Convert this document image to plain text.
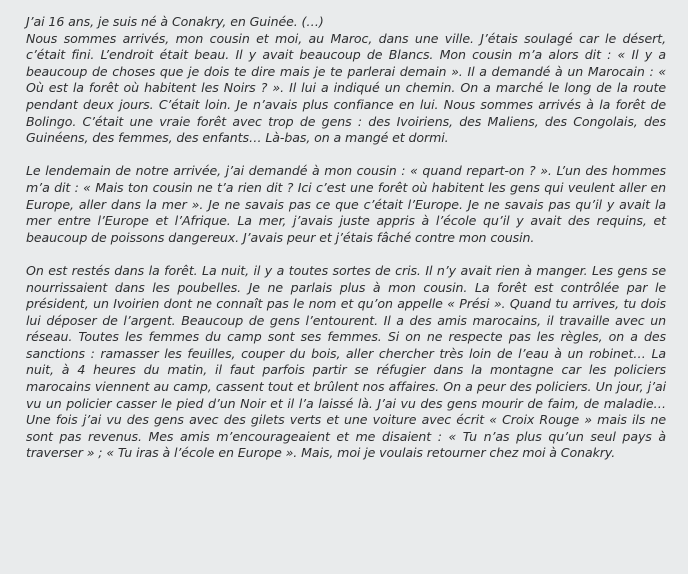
J’ai 16 ans, je suis né à Conakry, en Guinée. (…)
Nous sommes arrivés, mon cousin et moi, au Maroc, dans une ville. J’étais soulagé car le désert, c’était fini. L’endroit était beau. Il y avait beaucoup de Blancs. Mon cousin m’a alors dit : « Il y a beaucoup de choses que je dois te dire mais je te parlerai demain ». Il a demandé à un Marocain : « Où est la forêt où habitent les Noirs ? ». Il lui a indiqué un chemin. On a marché le long de la route pendant deux jours. C’était loin. Je n’avais plus confiance en lui. Nous sommes arrivés à la forêt de Bolingo. C’était une vraie forêt avec trop de gens : des Ivoiriens, des Maliens, des Congolais, des Guinéens, des femmes, des enfants… Là-bas, on a mangé et dormi.

Le lendemain de notre arrivée, j’ai demandé à mon cousin : « quand repart-on ? ». L’un des hommes m’a dit : « Mais ton cousin ne t’a rien dit ? Ici c’est une forêt où habitent les gens qui veulent aller en Europe, aller dans la mer ». Je ne savais pas ce que c’était l’Europe. Je ne savais pas qu’il y avait la mer entre l’Europe et l’Afrique. La mer, j’avais juste appris à l’école qu’il y avait des requins, et beaucoup de poissons dangereux. J’avais peur et j’étais fâché contre mon cousin.

On est restés dans la forêt. La nuit, il y a toutes sortes de cris. Il n’y avait rien à manger. Les gens se nourrissaient dans les poubelles. Je ne parlais plus à mon cousin. La forêt est contrôlée par le président, un Ivoirien dont ne connaît pas le nom et qu’on appelle « Prési ». Quand tu arrives, tu dois lui déposer de l’argent. Beaucoup de gens l’entourent. Il a des amis marocains, il travaille avec un réseau. Toutes les femmes du camp sont ses femmes. Si on ne respecte pas les règles, on a des sanctions : ramasser les feuilles, couper du bois, aller chercher très loin de l’eau à un robinet… La nuit, à 4 heures du matin, il faut parfois partir se réfugier dans la montagne car les policiers marocains viennent au camp, cassent tout et brûlent nos affaires. On a peur des policiers. Un jour, j’ai vu un policier casser le pied d’un Noir et il l’a laissé là. J’ai vu des gens mourir de faim, de maladie… Une fois j’ai vu des gens avec des gilets verts et une voiture avec écrit « Croix Rouge » mais ils ne sont pas revenus. Mes amis m’encourageaient et me disaient : « Tu n’as plus qu’un seul pays à traverser » ; « Tu iras à l’école en Europe ». Mais, moi je voulais retourner chez moi à Conakry.
